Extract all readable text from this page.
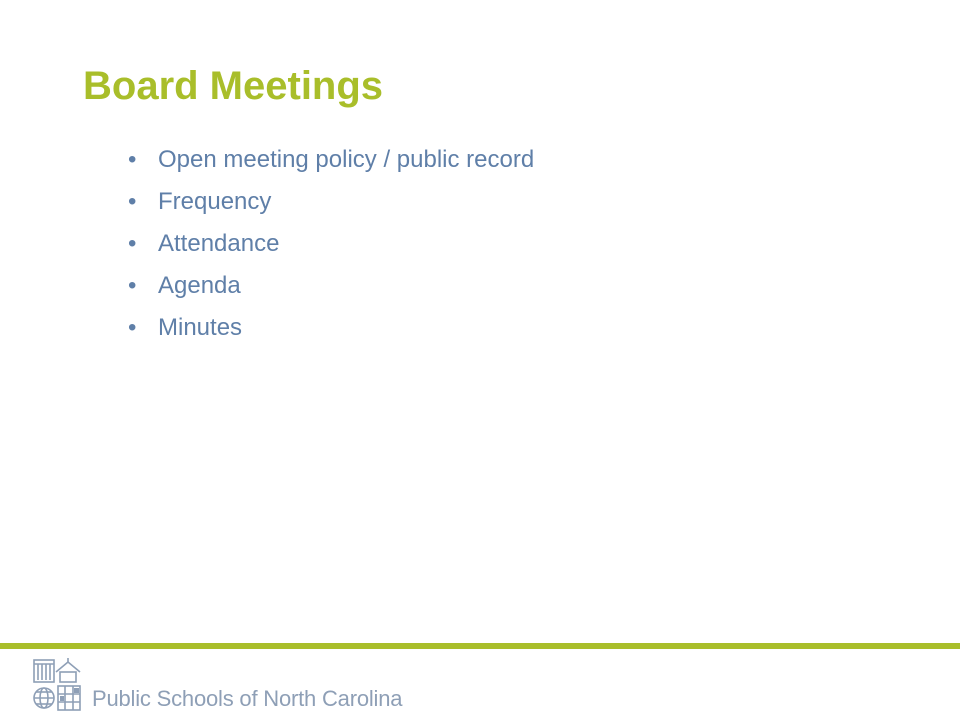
Board Meetings
• Open meeting policy / public record
• Frequency
• Attendance
• Agenda
• Minutes
Public Schools of North Carolina
